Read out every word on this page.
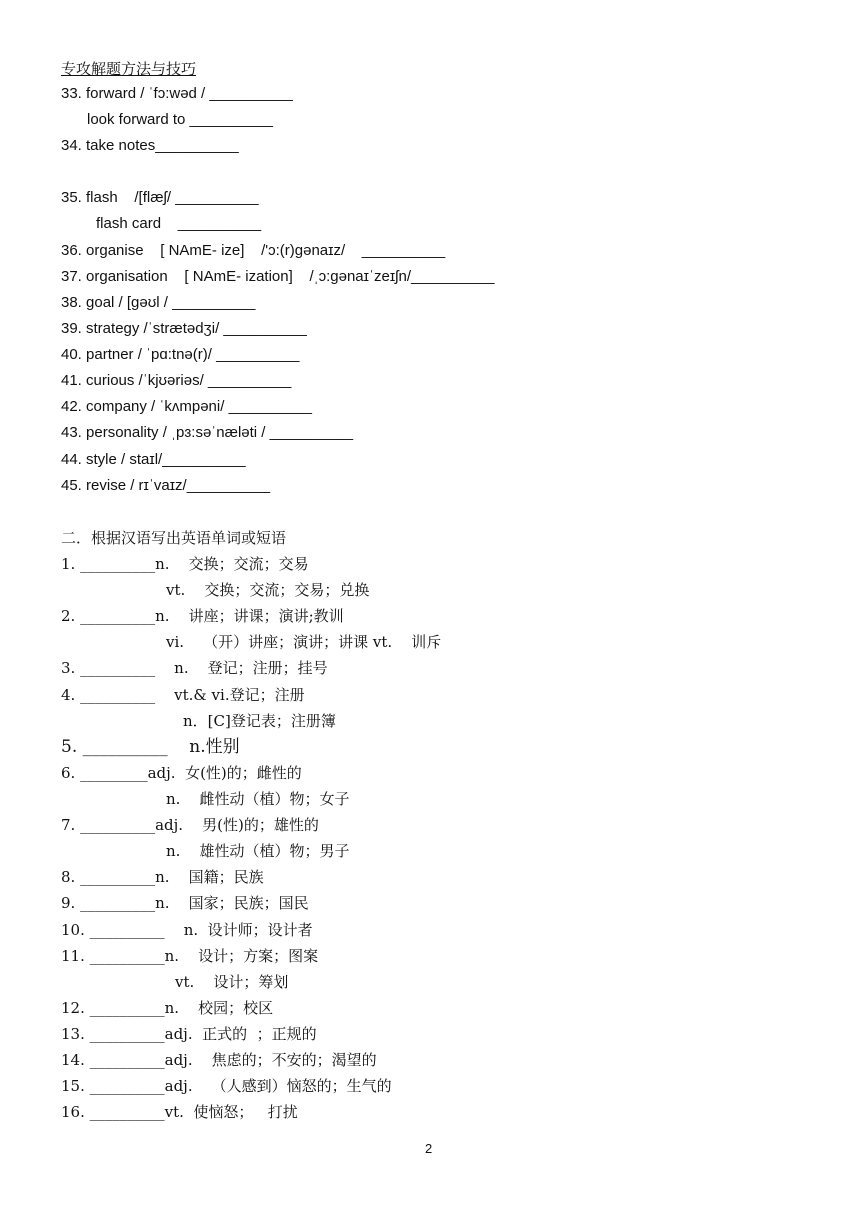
专攻解题方法与技巧
33. forward / ˈfɔ:wəd / __________
look forward to __________
34. take notes__________
35. flash    /[flæʃ/ __________
flash card    __________
36. organise    [ NAmE- ize]    /'ɔ:(r)gənaɪz/    __________
37. organisation    [ NAmE- ization]    /ˌɔ:gənaɪˈzeɪʃn/__________
38. goal / [gəʊl / __________
39. strategy /ˈstrætədʒi/ __________
40. partner / ˈpɑ:tnə(r)/ __________
41. curious /ˈkjʊəriəs/ __________
42. company / ˈkʌmpəni/ __________
43. personality / ˌpɜ:səˈnæləti / __________
44. style / staɪl/__________
45. revise / rɪˈvaɪz/__________
二．根据汉语写出英语单词或短语
1. __________n.    交换；交流；交易
vt.    交换；交流；交易；兑换
2. __________n.    讲座；讲课；演讲;教训
vi.    （开）讲座；演讲；讲课 vt.    训斥
3. __________    n.    登记；注册；挂号
4. __________    vt.& vi.登记；注册
n．[C]登记表；注册簿
5. __________    n.性别
6. _________adj.  女(性)的；雌性的
n.    雌性动（植）物；女子
7. __________adj.    男(性)的；雄性的
n.    雄性动（植）物；男子
8. __________n.    国籍；民族
9. __________n.    国家；民族；国民
10. __________    n.  设计师；设计者
11. __________n.    设计；方案；图案
vt.    设计；筹划
12. __________n.    校园；校区
13. __________adj.  正式的  ；正规的
14. __________adj.    焦虑的；不安的；渴望的
15. __________adj.    （人感到）恼怒的；生气的
16. __________vt.  使恼怒；   打扰
2
